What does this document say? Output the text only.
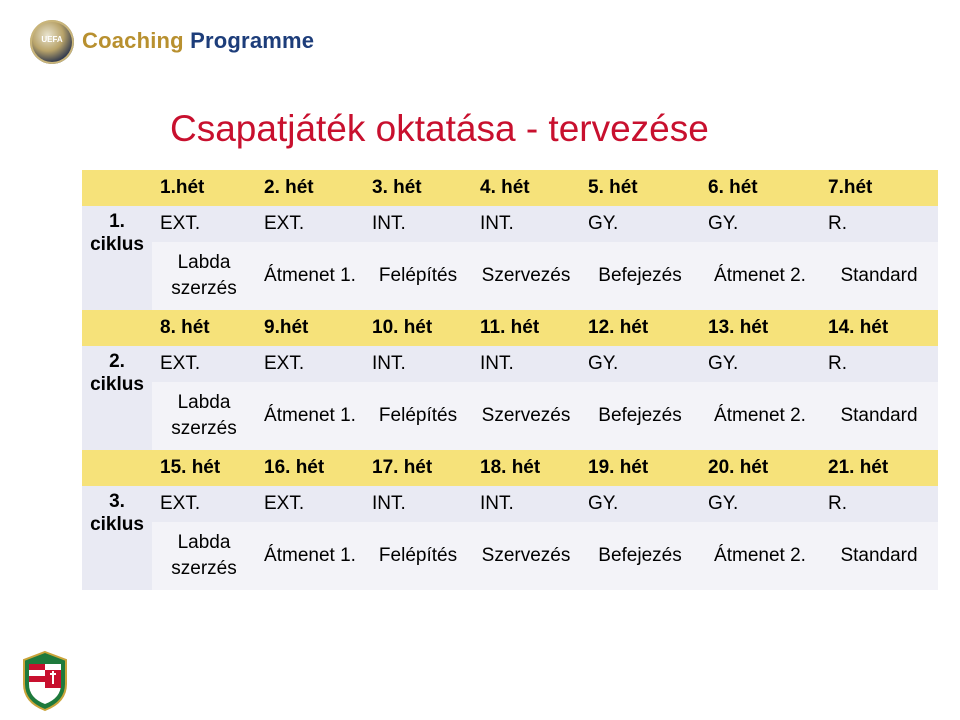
UEFA Coaching Programme
Csapatjáték oktatása - tervezése

	1.hét	2. hét	3. hét	4. hét	5. hét	6. hét	7.hét

1. ciklus	EXT.	EXT.	INT.	INT.	GY.	GY.	R.

	Labda szerzés	Átmenet 1.	Felépítés	Szervezés	Befejezés	Átmenet 2.	Standard

	8. hét	9.hét	10. hét	11. hét	12. hét	13. hét	14. hét

2. ciklus	EXT.	EXT.	INT.	INT.	GY.	GY.	R.

	Labda szerzés	Átmenet 1.	Felépítés	Szervezés	Befejezés	Átmenet 2.	Standard

	15. hét	16. hét	17. hét	18. hét	19. hét	20. hét	21. hét

3. ciklus	EXT.	EXT.	INT.	INT.	GY.	GY.	R.

	Labda szerzés	Átmenet 1.	Felépítés	Szervezés	Befejezés	Átmenet 2.	Standard
